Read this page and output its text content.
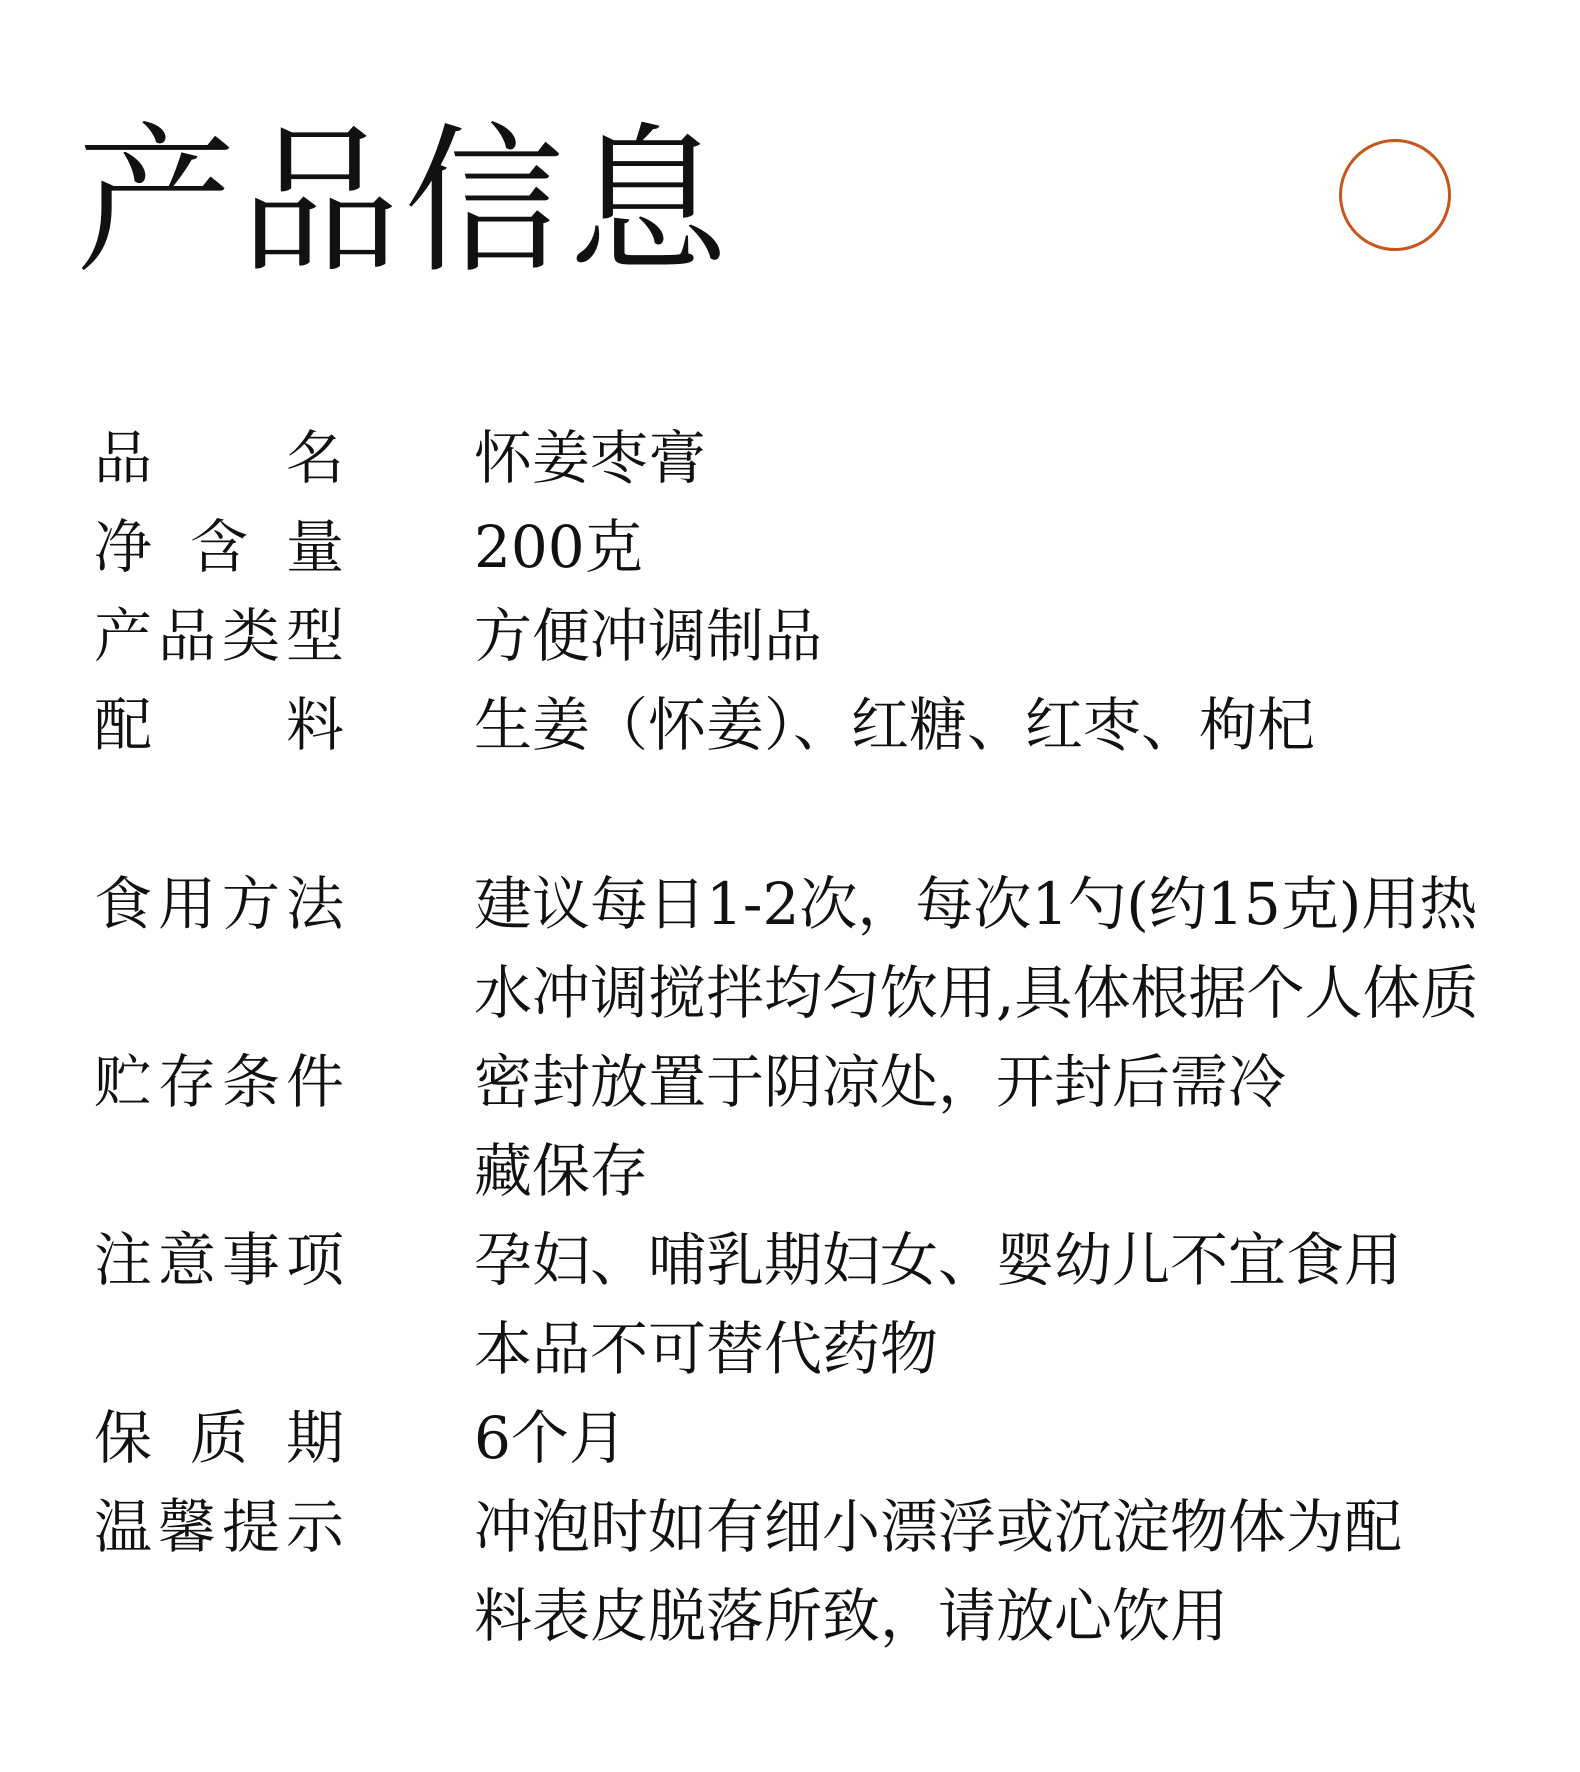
产品信息
品 名 怀姜枣膏
净 含 量 200克
产 品 类 型 方便冲调制品
配 料 生姜（怀姜）、红糖、红枣、枸杞
食 用 方 法 建议每日1-2次，每次1勺(约15克)用热
水冲调搅拌均匀饮用,具体根据个人体质
贮 存 条 件 密封放置于阴凉处，开封后需冷
藏保存
注 意 事 项 孕妇、哺乳期妇女、婴幼儿不宜食用
本品不可替代药物
保 质 期 6个月
温 馨 提 示 冲泡时如有细小漂浮或沉淀物体为配
料表皮脱落所致，请放心饮用
